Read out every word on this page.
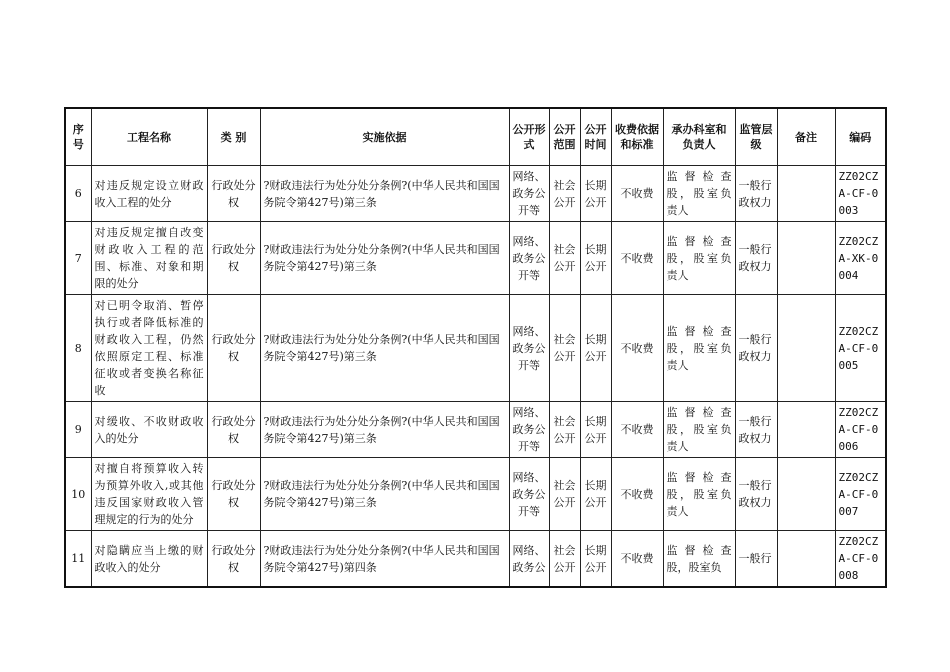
序号	工程名称	类 别	实施依据	公开形式	公开范围	公开时间	收费依据和标准	承办科室和负责人	监管层级	备注	编码
6	对违反规定设立财政收入工程的处分	行政处分权	?财政违法行为处分处分条例?(中华人民共和国国务院令第427号)第三条	网络、政务公开等	社会公开	长期公开	不收费	监督检查股，股室负责人	一般行政权力		ZZ02CZA-CF-0003
7	对违反规定擅自改变财政收入工程的范围、标准、对象和期限的处分	行政处分权	?财政违法行为处分处分条例?(中华人民共和国国务院令第427号)第三条	网络、政务公开等	社会公开	长期公开	不收费	监督检查股，股室负责人	一般行政权力		ZZ02CZA-XK-0004
8	对已明令取消、暂停执行或者降低标准的财政收入工程，仍然依照原定工程、标准征收或者变换名称征收	行政处分权	?财政违法行为处分处分条例?(中华人民共和国国务院令第427号)第三条	网络、政务公开等	社会公开	长期公开	不收费	监督检查股，股室负责人	一般行政权力		ZZ02CZA-CF-0005
9	对缓收、不收财政收入的处分	行政处分权	?财政违法行为处分处分条例?(中华人民共和国国务院令第427号)第三条	网络、政务公开等	社会公开	长期公开	不收费	监督检查股，股室负责人	一般行政权力		ZZ02CZA-CF-0006
10	对擅自将预算收入转为预算外收入,或其他违反国家财政收入管理规定的行为的处分	行政处分权	?财政违法行为处分处分条例?(中华人民共和国国务院令第427号)第三条	网络、政务公开等	社会公开	长期公开	不收费	监督检查股，股室负责人	一般行政权力		ZZ02CZA-CF-0007
11	对隐瞒应当上缴的财政收入的处分	行政处分权	?财政违法行为处分处分条例?(中华人民共和国国务院令第427号)第四条	网络、政务公	社会公开	长期公开	不收费	监督检查股，股室负	一般行		ZZ02CZA-CF-0008
